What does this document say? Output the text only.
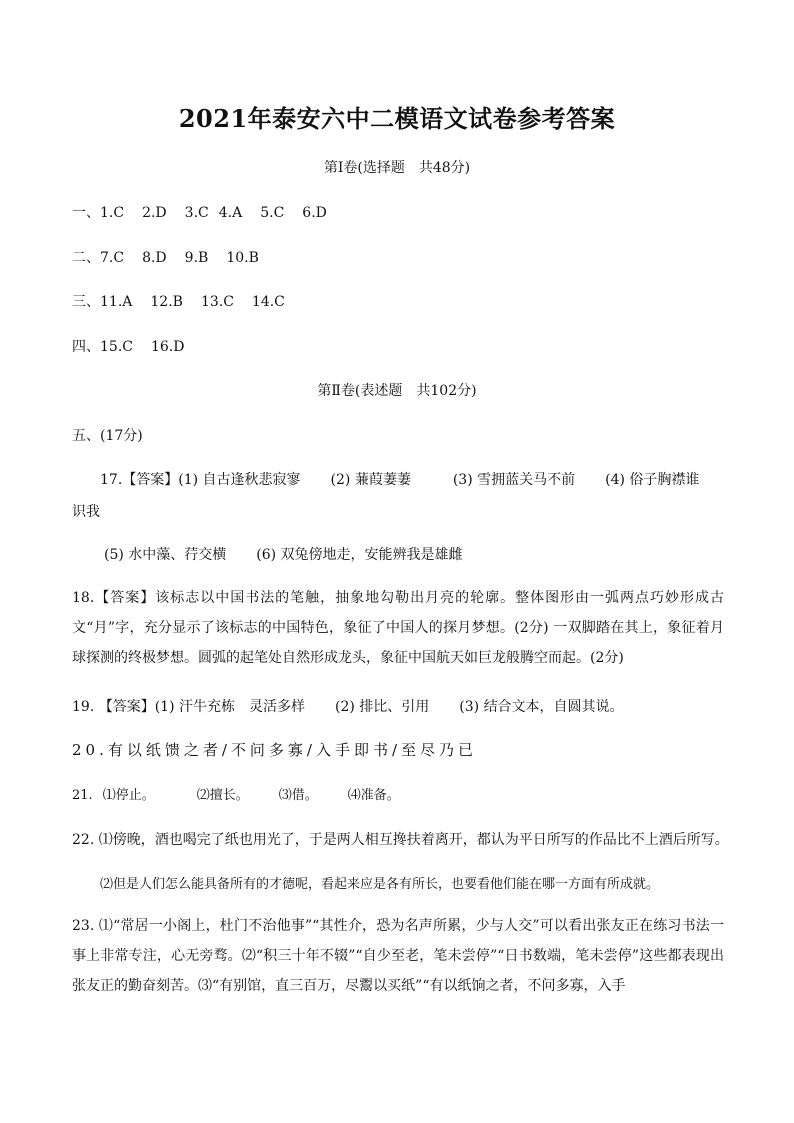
2021年泰安六中二模语文试卷参考答案
第Ⅰ卷(选择题　共48分)
一、1.C 2.D 3.C 4.A 5.C 6.D
二、7.C 8.D 9.B 10.B
三、11.A 12.B 13.C 14.C
四、15.C 16.D
第Ⅱ卷(表述题　共102分)
五、(17分)
17.【答案】(1) 自古逢秋悲寂寥 (2) 蒹葭萋萋	(3) 雪拥蓝关马不前 (4) 俗子胸襟谁
识我
(5) 水中藻、荇交横 (6) 双兔傍地走，安能辨我是雄雌
18.【答案】该标志以中国书法的笔触，抽象地勾勒出月亮的轮廓。整体图形由一弧两点巧妙形成古文“月”字，充分显示了该标志的中国特色，象征了中国人的探月梦想。(2分) 一双脚踏在其上，象征着月球探测的终极梦想。圆弧的起笔处自然形成龙头，象征中国航天如巨龙般腾空而起。(2分)
19. 【答案】(1) 汗牛充栋　灵活多样 (2) 排比、引用 (3) 结合文本，自圆其说。
20.有以纸馈之者/不问多寡/入手即书/至尽乃已
21. ⑴停止。	⑵擅长。 ⑶借。 ⑷准备。
22. ⑴傍晚，酒也喝完了纸也用光了，于是两人相互搀扶着离开，都认为平日所写的作品比不上酒后所写。
⑵但是人们怎么能具备所有的才德呢，看起来应是各有所长，也要看他们能在哪一方面有所成就。
23. ⑴“常居一小阁上，杜门不治他事”“其性介，恐为名声所累，少与人交”可以看出张友正在练习书法一事上非常专注，心无旁骛。⑵“积三十年不辍”“自少至老，笔未尝停”“日书数端，笔未尝停”这些都表现出张友正的勤奋刻苦。⑶“有别馆，直三百万，尽鬻以买纸”“有以纸饷之者，不问多寡，入手
